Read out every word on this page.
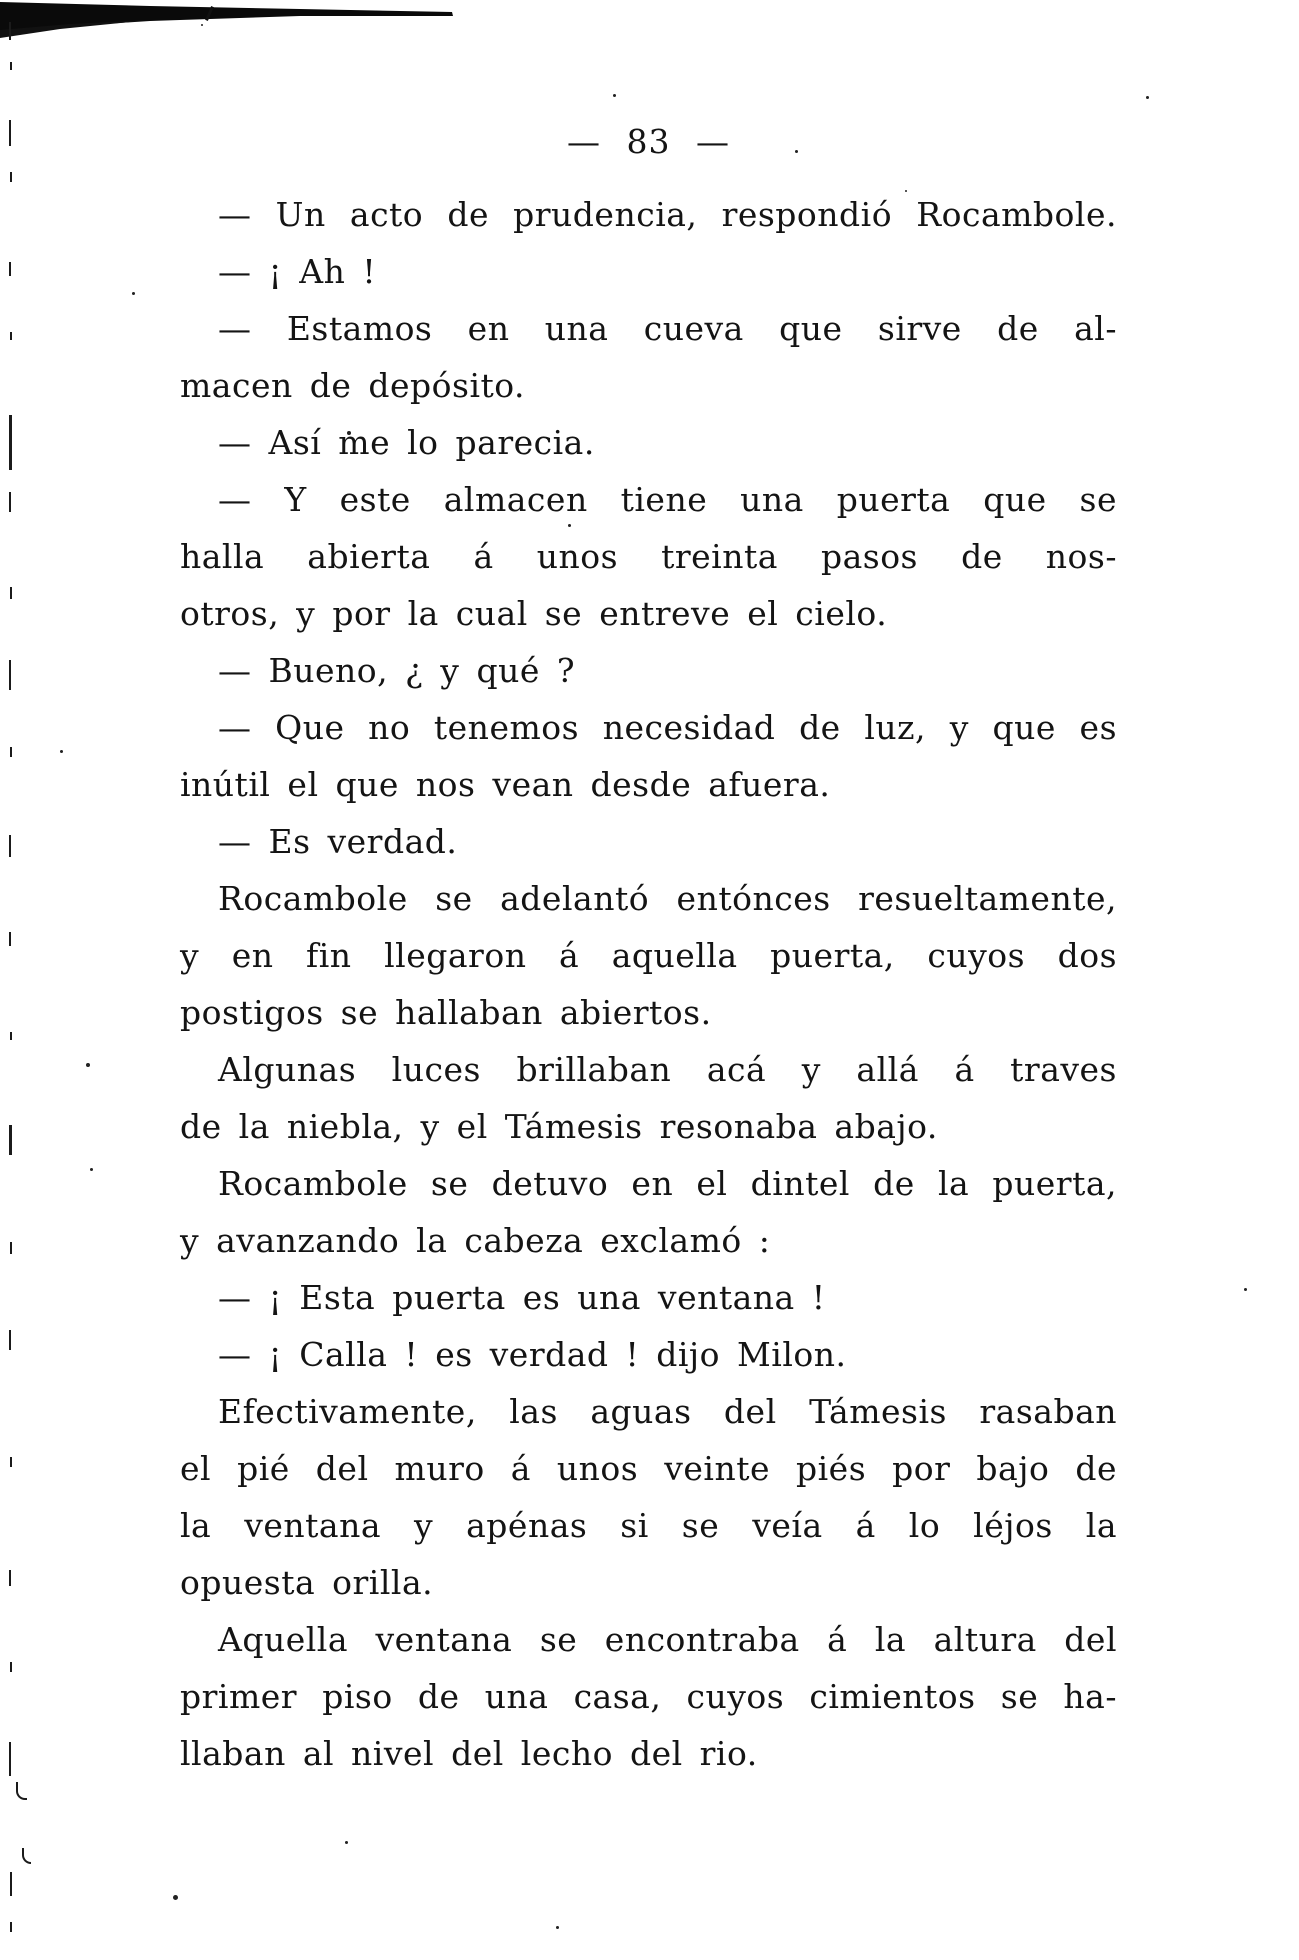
— 83 —
— Un acto de prudencia, respondió Rocambole.
— ¡ Ah !
— Estamos en una cueva que sirve de al-
macen de depósito.
— Así me lo parecia.
— Y este almacen tiene una puerta que se
halla abierta á unos treinta pasos de nos-
otros, y por la cual se entreve el cielo.
— Bueno, ¿ y qué ?
— Que no tenemos necesidad de luz, y que es
inútil el que nos vean desde afuera.
— Es verdad.
Rocambole se adelantó entónces resueltamente,
y en fin llegaron á aquella puerta, cuyos dos
postigos se hallaban abiertos.
Algunas luces brillaban acá y allá á traves
de la niebla, y el Támesis resonaba abajo.
Rocambole se detuvo en el dintel de la puerta,
y avanzando la cabeza exclamó :
— ¡ Esta puerta es una ventana !
— ¡ Calla ! es verdad ! dijo Milon.
Efectivamente, las aguas del Támesis rasaban
el pié del muro á unos veinte piés por bajo de
la ventana y apénas si se veía á lo léjos la
opuesta orilla.
Aquella ventana se encontraba á la altura del
primer piso de una casa, cuyos cimientos se ha-
llaban al nivel del lecho del rio.
